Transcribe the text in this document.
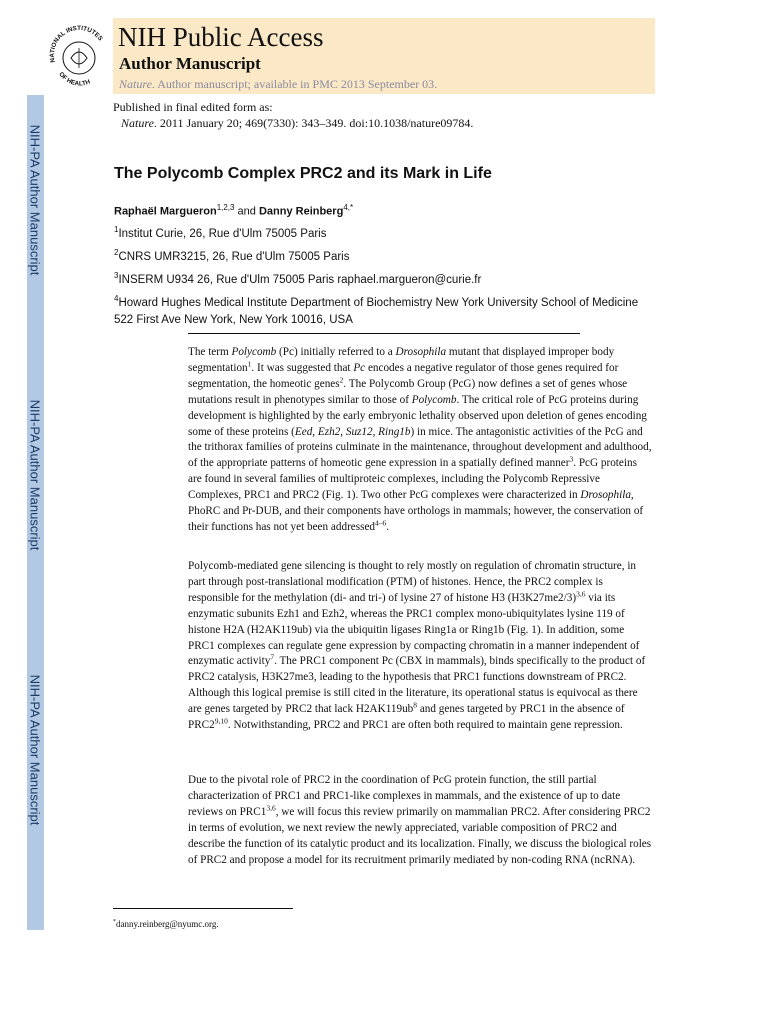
NIH-PA Author Manuscript
NIH-PA Author Manuscript
NIH-PA Author Manuscript
NATIONAL INSTITUTES
OF HEALTH
NIH Public Access
Author Manuscript
Nature. Author manuscript; available in PMC 2013 September 03.
Published in final edited form as:
Nature. 2011 January 20; 469(7330): 343–349. doi:10.1038/nature09784.
The Polycomb Complex PRC2 and its Mark in Life
Raphaël Margueron$^{1,2,3}$ and Danny Reinberg$^{4,*}$
$^1$Institut Curie, 26, Rue d'Ulm 75005 Paris
$^2$CNRS UMR3215, 26, Rue d'Ulm 75005 Paris
$^3$INSERM U934 26, Rue d'Ulm 75005 Paris raphael.margueron@curie.fr
$^4$Howard Hughes Medical Institute Department of Biochemistry New York University School of Medicine 522 First Ave New York, New York 10016, USA

The term Polycomb (Pc) initially referred to a Drosophila mutant that displayed improper body segmentation$^1$. It was suggested that Pc encodes a negative regulator of those genes required for segmentation, the homeotic genes$^2$. The Polycomb Group (PcG) now defines a set of genes whose mutations result in phenotypes similar to those of Polycomb. The critical role of PcG proteins during development is highlighted by the early embryonic lethality observed upon deletion of genes encoding some of these proteins (Eed, Ezh2, Suz12, Ring1b) in mice. The antagonistic activities of the PcG and the trithorax families of proteins culminate in the maintenance, throughout development and adulthood, of the appropriate patterns of homeotic gene expression in a spatially defined manner$^3$. PcG proteins are found in several families of multiproteic complexes, including the Polycomb Repressive Complexes, PRC1 and PRC2 (Fig. 1). Two other PcG complexes were characterized in Drosophila, PhoRC and Pr-DUB, and their components have orthologs in mammals; however, the conservation of their functions has not yet been addressed$^{4-6}$.

Polycomb-mediated gene silencing is thought to rely mostly on regulation of chromatin structure, in part through post-translational modification (PTM) of histones. Hence, the PRC2 complex is responsible for the methylation (di- and tri-) of lysine 27 of histone H3 $(H3K27me2/3)^{3,6}$ via its enzymatic subunits Ezh1 and Ezh2, whereas the PRC1 complex mono-ubiquitylates lysine 119 of histone H2A (H2AK119ub) via the ubiquitin ligases Ring1a or Ring1b (Fig. 1). In addition, some PRC1 complexes can regulate gene expression by compacting chromatin in a manner independent of enzymatic activity$^7$. The PRC1 component Pc (CBX in mammals), binds specifically to the product of PRC2 catalysis, H3K27me3, leading to the hypothesis that PRC1 functions downstream of PRC2. Although this logical premise is still cited in the literature, its operational status is equivocal as there are genes targeted by PRC2 that lack $H2AK119ub^8$ and genes targeted by PRC1 in the absence of PRC2$^{9,10}$. Notwithstanding, PRC2 and PRC1 are often both required to maintain gene repression.

Due to the pivotal role of PRC2 in the coordination of PcG protein function, the still partial characterization of PRC1 and PRC1-like complexes in mammals, and the existence of up to date reviews on PRC1$^{3,6}$, we will focus this review primarily on mammalian PRC2. After considering PRC2 in terms of evolution, we next review the newly appreciated, variable composition of PRC2 and describe the function of its catalytic product and its localization. Finally, we discuss the biological roles of PRC2 and propose a model for its recruitment primarily mediated by non-coding RNA (ncRNA).

*danny.reinberg@nyumc.org.
